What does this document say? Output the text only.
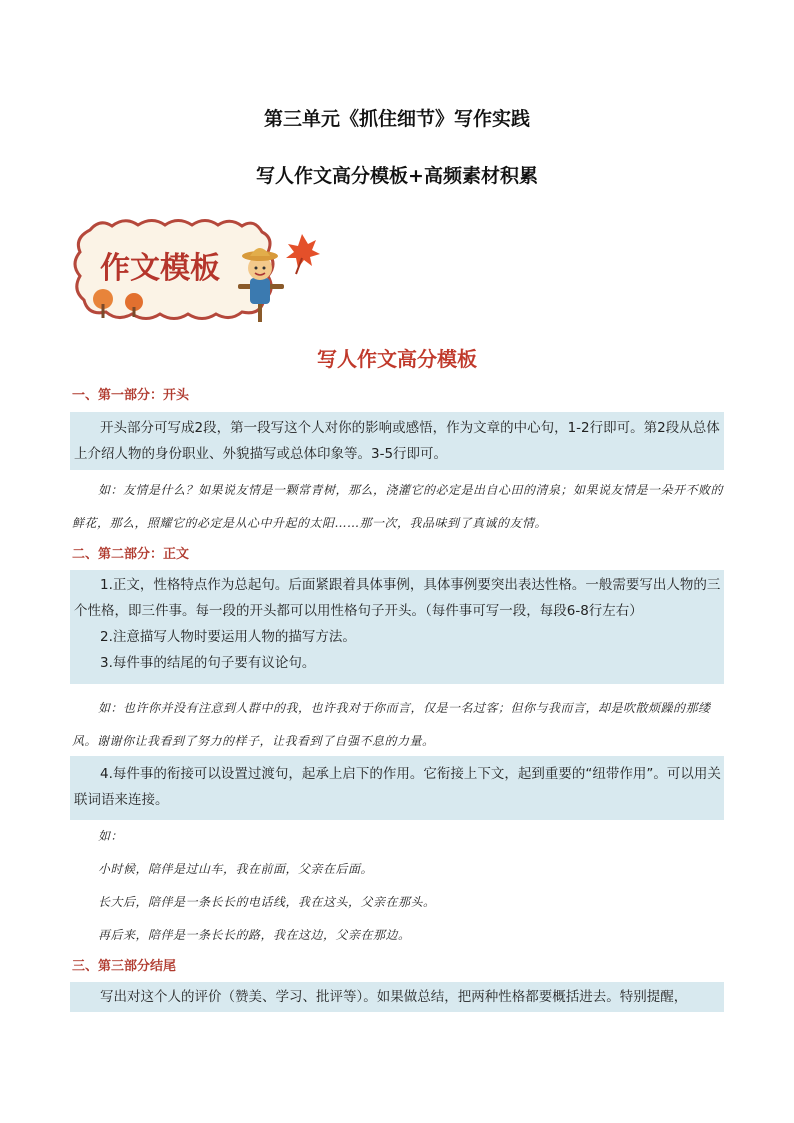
第三单元《抓住细节》写作实践
写人作文高分模板+高频素材积累
作文模板
写人作文高分模板
一、第一部分：开头

开头部分可写成2段，第一段写这个人对你的影响或感悟，作为文章的中心句，1-2行即可。第2段从总体上介绍人物的身份职业、外貌描写或总体印象等。3-5行即可。

如：友情是什么？如果说友情是一颗常青树，那么，浇灌它的必定是出自心田的清泉；如果说友情是一朵开不败的鲜花，那么，照耀它的必定是从心中升起的太阳……那一次，我品味到了真诚的友情。

二、第二部分：正文

1.正文，性格特点作为总起句。后面紧跟着具体事例，具体事例要突出表达性格。一般需要写出人物的三个性格，即三件事。每一段的开头都可以用性格句子开头。（每件事可写一段，每段6-8行左右）

2.注意描写人物时要运用人物的描写方法。

3.每件事的结尾的句子要有议论句。

如：也许你并没有注意到人群中的我，也许我对于你而言，仅是一名过客；但你与我而言，却是吹散烦躁的那缕风。谢谢你让我看到了努力的样子，让我看到了自强不息的力量。

4.每件事的衔接可以设置过渡句，起承上启下的作用。它衔接上下文，起到重要的“纽带作用”。可以用关联词语来连接。

如：

小时候，陪伴是过山车，我在前面，父亲在后面。

长大后，陪伴是一条长长的电话线，我在这头，父亲在那头。

再后来，陪伴是一条长长的路，我在这边，父亲在那边。

三、第三部分结尾

写出对这个人的评价（赞美、学习、批评等）。如果做总结，把两种性格都要概括进去。特别提醒，
